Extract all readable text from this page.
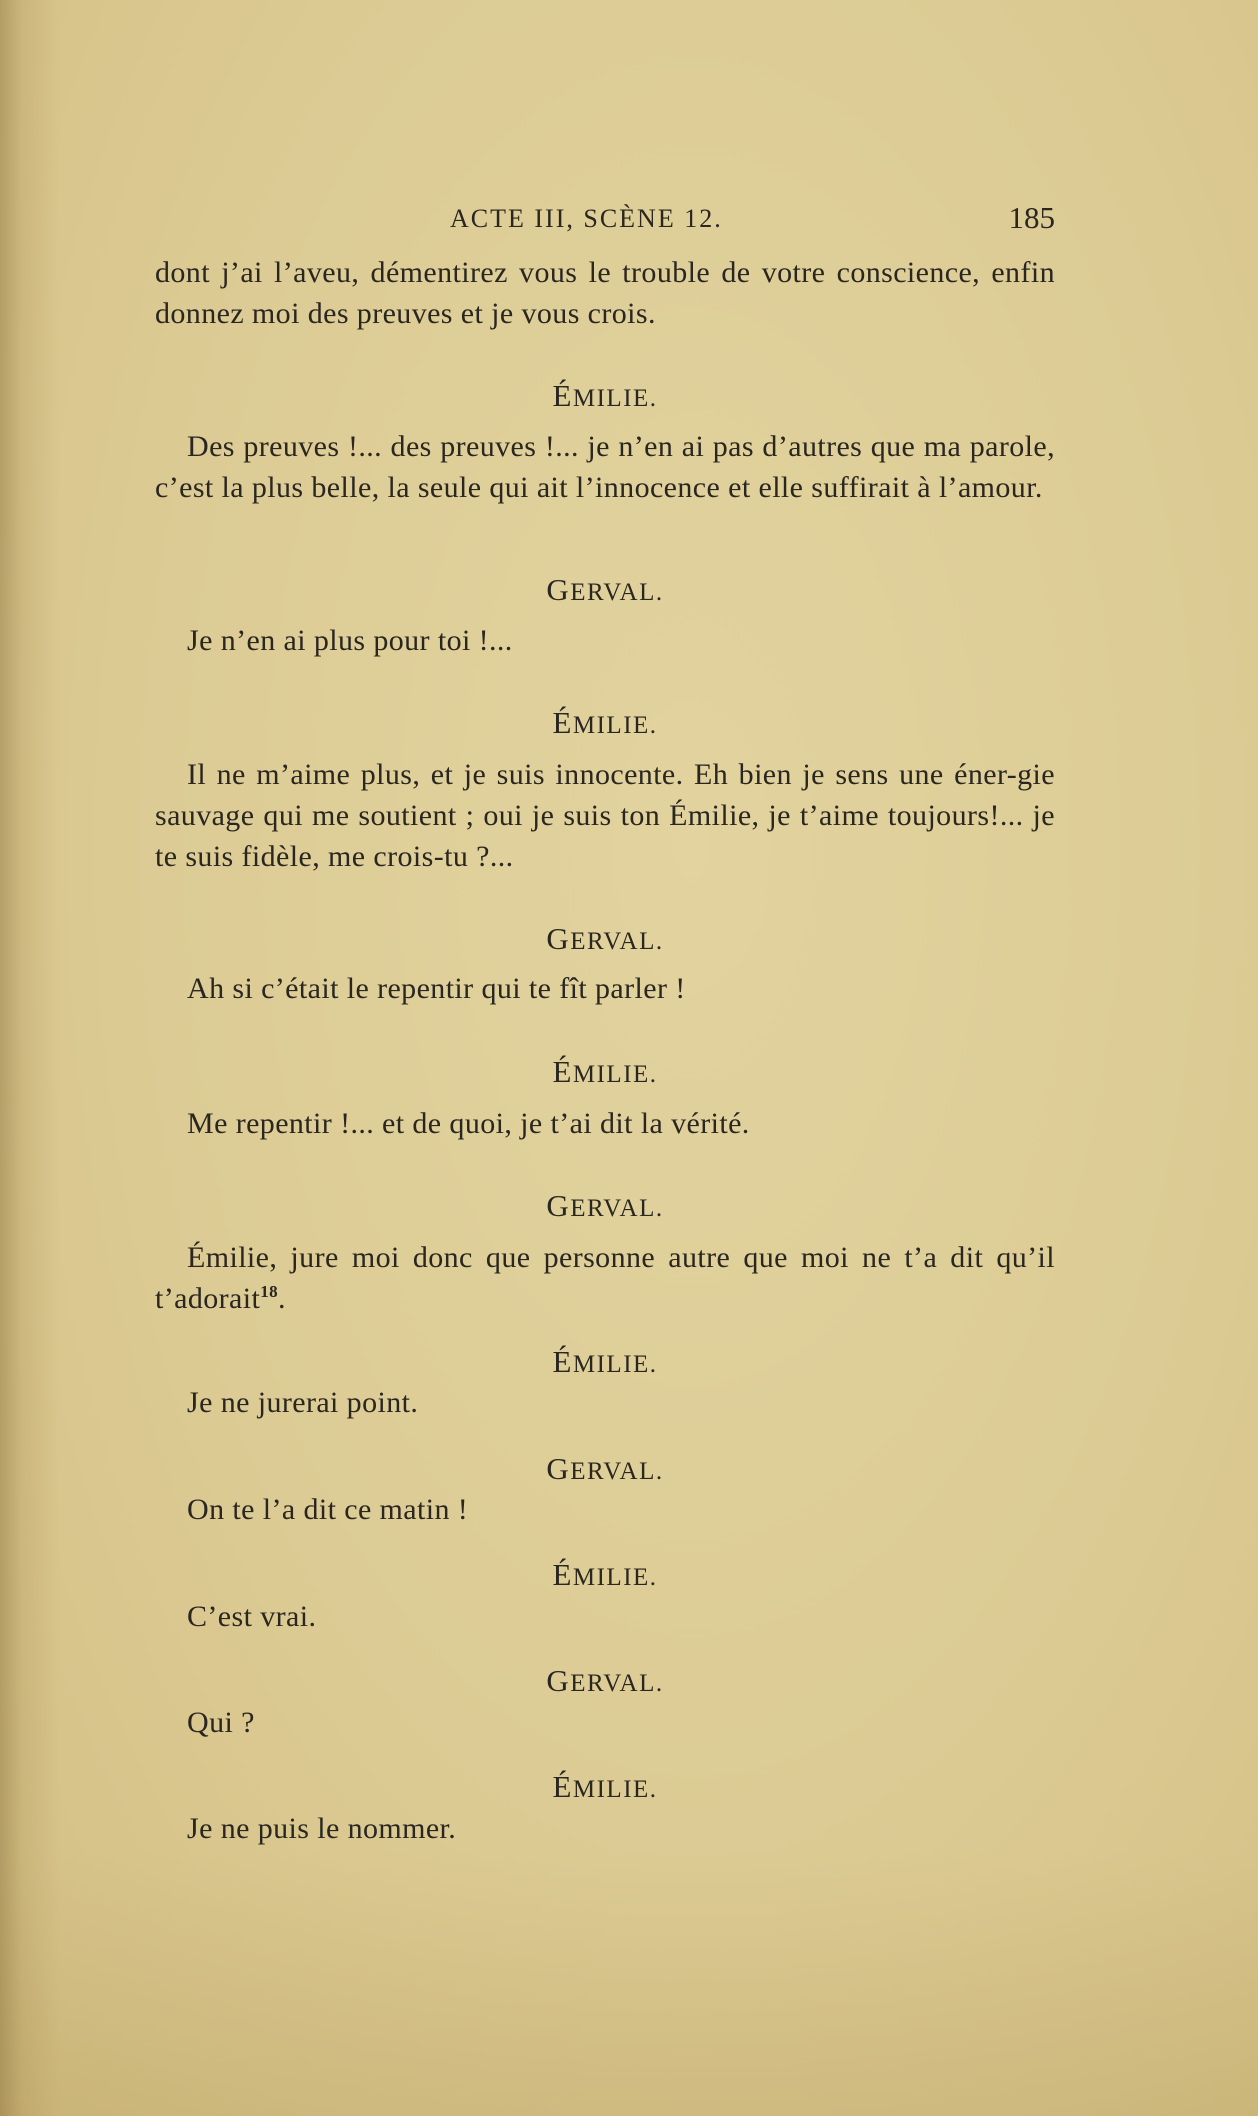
ACTE III, SCÈNE 12.	185

dont j’ai l’aveu, démentirez vous le trouble de votre conscience, enfin donnez moi des preuves et je vous crois.

ÉMILIE.

Des preuves !... des preuves !... je n’en ai pas d’autres que ma parole, c’est la plus belle, la seule qui ait l’innocence et elle suffirait à l’amour.

GERVAL.

Je n’en ai plus pour toi !...

ÉMILIE.

Il ne m’aime plus, et je suis innocente. Eh bien je sens une éner-gie sauvage qui me soutient ; oui je suis ton Émilie, je t’aime toujours!... je te suis fidèle, me crois-tu ?...

GERVAL.

Ah si c’était le repentir qui te fît parler !

ÉMILIE.

Me repentir !... et de quoi, je t’ai dit la vérité.

GERVAL.

Émilie, jure moi donc que personne autre que moi ne t’a dit qu’il t’adorait$^{18}$.

ÉMILIE.

Je ne jurerai point.

GERVAL.

On te l’a dit ce matin !

ÉMILIE.

C’est vrai.

GERVAL.

Qui ?

ÉMILIE.

Je ne puis le nommer.
